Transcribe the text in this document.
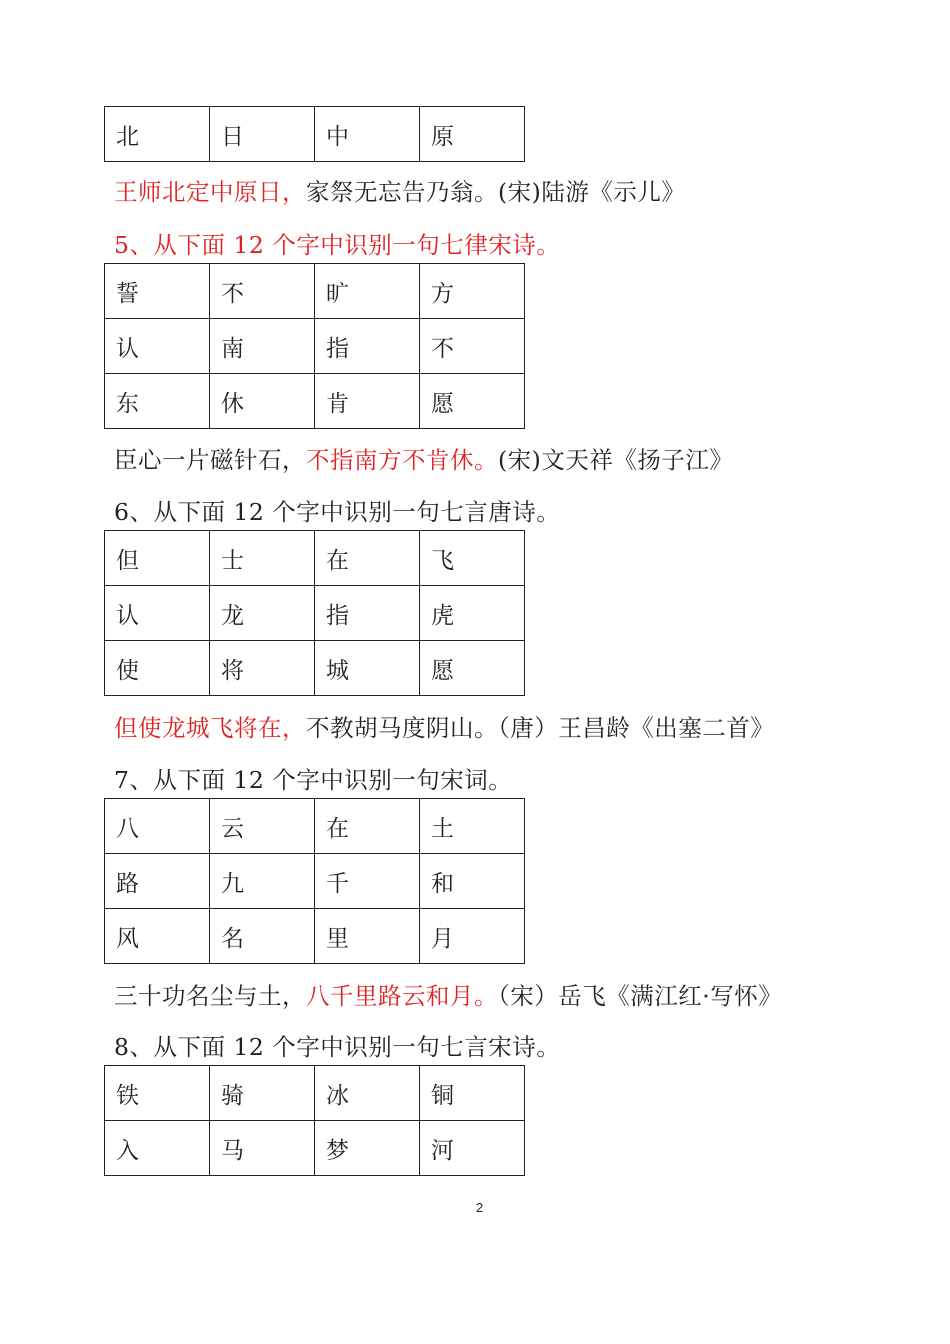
北	日	中	原
王师北定中原日，家祭无忘告乃翁。(宋)陆游《示儿》
5、从下面 12 个字中识别一句七律宋诗。
誓	不	旷	方
认	南	指	不
东	休	肯	愿
臣心一片磁针石，不指南方不肯休。(宋)文天祥《扬子江》
6、从下面 12 个字中识别一句七言唐诗。
但	士	在	飞
认	龙	指	虎
使	将	城	愿
但使龙城飞将在，不教胡马度阴山。（唐）王昌龄《出塞二首》
7、从下面 12 个字中识别一句宋词。
八	云	在	土
路	九	千	和
风	名	里	月
三十功名尘与土，八千里路云和月。（宋）岳飞《满江红·写怀》
8、从下面 12 个字中识别一句七言宋诗。
铁	骑	冰	铜
入	马	梦	河
2
